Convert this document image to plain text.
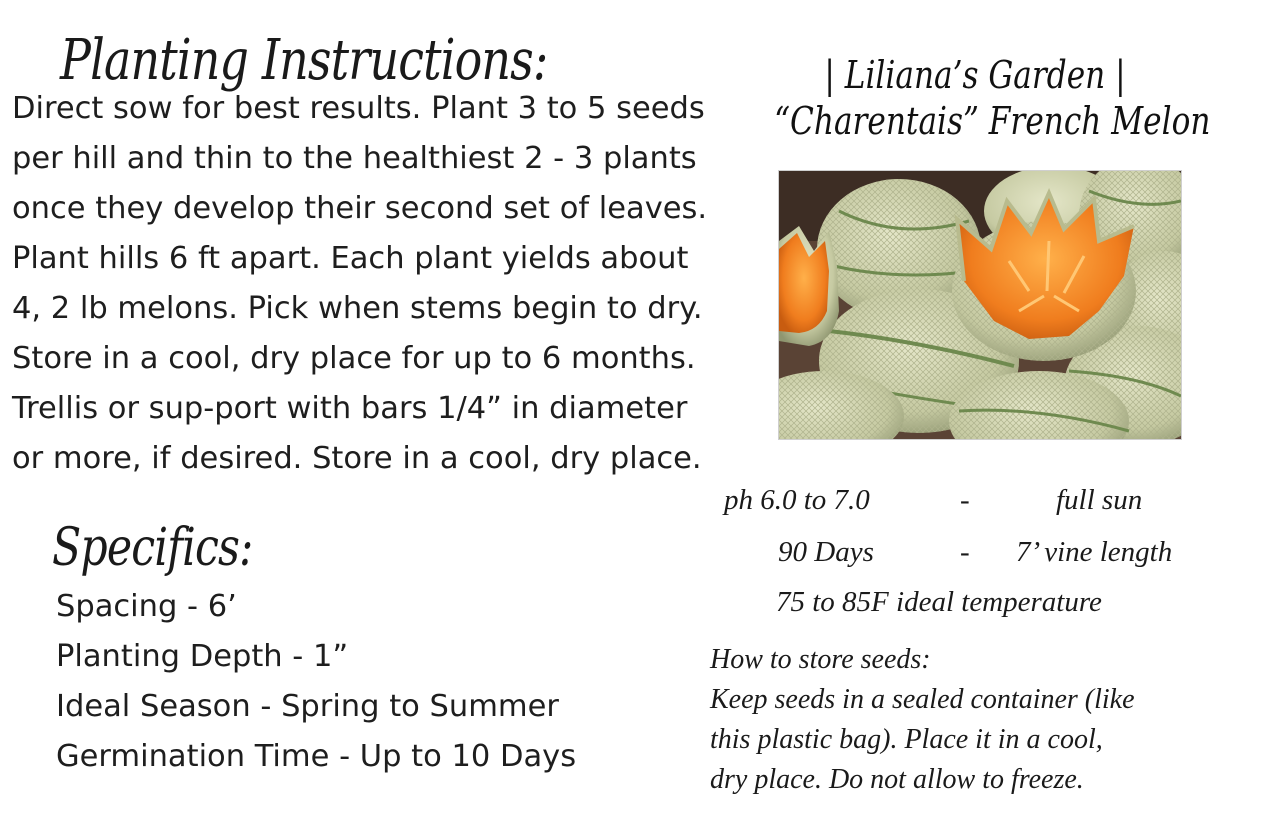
Planting Instructions:

Direct sow for best results. Plant 3 to 5 seeds per hill and thin to the healthiest 2 - 3 plants once they develop their second set of leaves. Plant hills 6 ft apart. Each plant yields about 4, 2 lb melons. Pick when stems begin to dry. Store in a cool, dry place for up to 6 months. Trellis or sup-port with bars 1/4” in diameter or more, if desired. Store in a cool, dry place.

Specifics:
Spacing - 6’
Planting Depth - 1”
Ideal Season - Spring to Summer
Germination Time - Up to 10 Days
| Liliana’s Garden |
“Charentais” French Melon
ph 6.0 to 7.0	-	full sun
90 Days	- 7’ vine length
75 to 85F ideal temperature
How to store seeds:
Keep seeds in a sealed container (like
this plastic bag). Place it in a cool,
dry place. Do not allow to freeze.
